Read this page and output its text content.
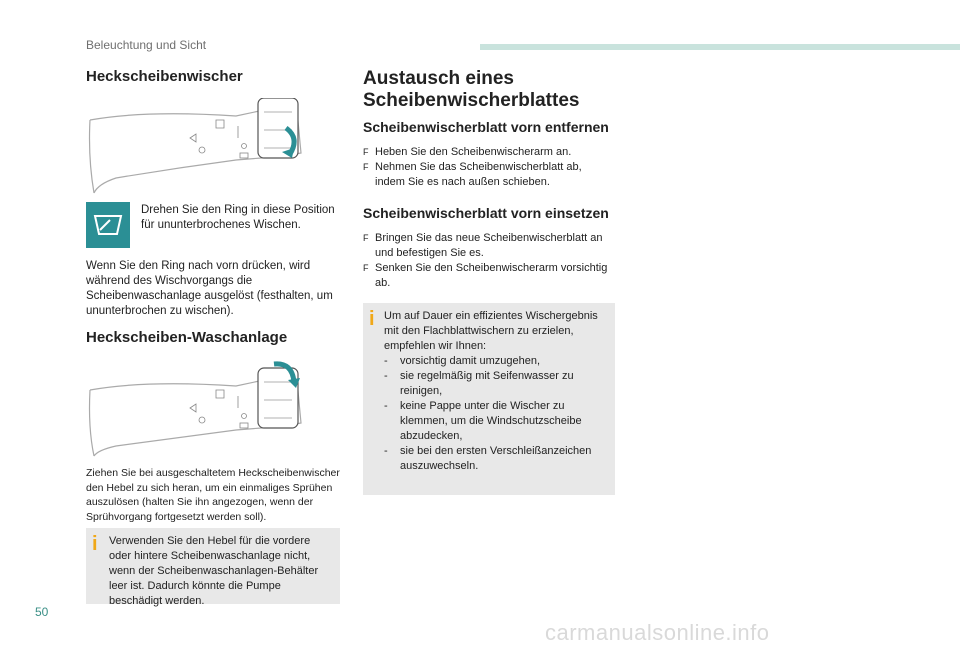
Beleuchtung und Sicht
Heckscheibenwischer
Drehen Sie den Ring in diese Position für ununterbrochenes Wischen.
Wenn Sie den Ring nach vorn drücken, wird während des Wischvorgangs die Scheibenwaschanlage ausgelöst (festhalten, um ununterbrochen zu wischen).
Heckscheiben-Waschanlage
Ziehen Sie bei ausgeschaltetem Heckscheibenwischer den Hebel zu sich heran, um ein einmaliges Sprühen auszulösen (halten Sie ihn angezogen, wenn der Sprühvorgang fortgesetzt werden soll).
i Verwenden Sie den Hebel für die vordere oder hintere Scheibenwaschanlage nicht, wenn der Scheibenwaschanlagen-Behälter leer ist. Dadurch könnte die Pumpe beschädigt werden.
Austausch eines
Scheibenwischerblattes
Scheibenwischerblatt vorn entfernen
F Heben Sie den Scheibenwischerarm an.
F Nehmen Sie das Scheibenwischerblatt ab, indem Sie es nach außen schieben.
Scheibenwischerblatt vorn einsetzen
F Bringen Sie das neue Scheibenwischerblatt an und befestigen Sie es.
F Senken Sie den Scheibenwischerarm vorsichtig ab.
i Um auf Dauer ein effizientes Wischergebnis mit den Flachblattwischern zu erzielen, empfehlen wir Ihnen:
- vorsichtig damit umzugehen,
- sie regelmäßig mit Seifenwasser zu reinigen,
- keine Pappe unter die Wischer zu klemmen, um die Windschutzscheibe abzudecken,
- sie bei den ersten Verschleißanzeichen auszuwechseln.
50
carmanualsonline.info
